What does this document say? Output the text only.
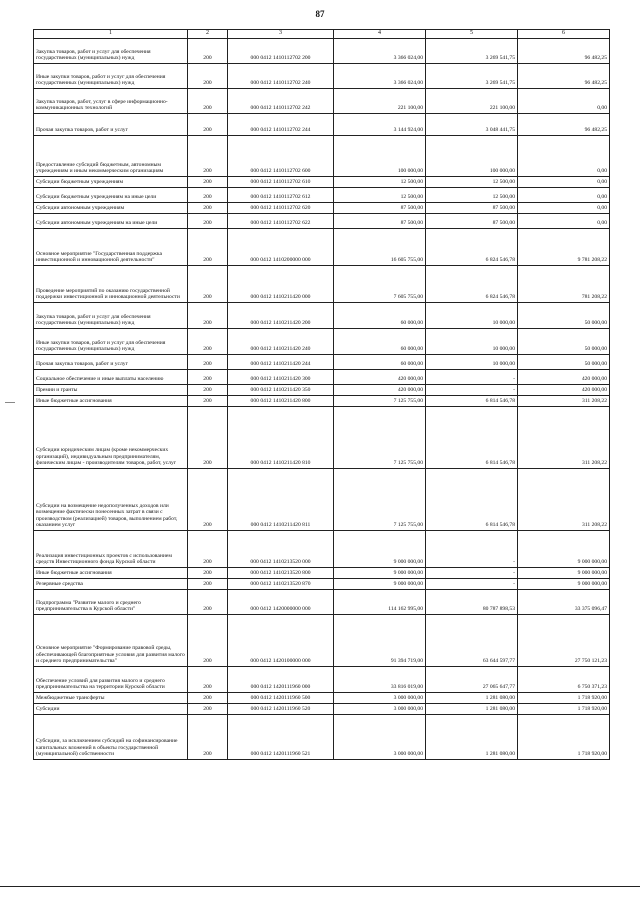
87
1	2	3	4	5	6
Закупка товаров, работ и услуг для обеспечения государственных (муниципальных) нужд	200	000 0412 1410112702 200	3 366 024,00	3 269 541,75	96 482,25
Иные закупки товаров, работ и услуг для обеспечения государственных (муниципальных) нужд	200	000 0412 1410112702 240	3 366 024,00	3 269 541,75	96 482,25
Закупка товаров, работ, услуг в сфере информационно-коммуникационных технологий	200	000 0412 1410112702 242	221 100,00	221 100,00	0,00
Прочая закупка товаров, работ и услуг	200	000 0412 1410112702 244	3 144 924,00	3 048 441,75	96 482,25
Предоставление субсидий бюджетным, автономным учреждениям и иным некоммерческим организациям	200	000 0412 1410112702 600	100 000,00	100 000,00	0,00
Субсидии бюджетным учреждениям	200	000 0412 1410112702 610	12 500,00	12 500,00	0,00
Субсидии бюджетным учреждениям на иные цели	200	000 0412 1410112702 612	12 500,00	12 500,00	0,00
Субсидии автономным учреждениям	200	000 0412 1410112702 620	87 500,00	87 500,00	0,00
Субсидии автономным учреждениям на иные цели	200	000 0412 1410112702 622	87 500,00	87 500,00	0,00
Основное мероприятие "Государственная поддержка инвестиционной и инновационной деятельности"	200	000 0412 1410200000 000	16 605 755,00	6 824 546,78	9 781 208,22
Проведение мероприятий по оказанию государственной поддержки инвестиционной и инновационной деятельности	200	000 0412 1410211420 000	7 605 755,00	6 824 546,78	781 208,22
Закупка товаров, работ и услуг для обеспечения государственных (муниципальных) нужд	200	000 0412 1410211420 200	60 000,00	10 000,00	50 000,00
Иные закупки товаров, работ и услуг для обеспечения государственных (муниципальных) нужд	200	000 0412 1410211420 240	60 000,00	10 000,00	50 000,00
Прочая закупка товаров, работ и услуг	200	000 0412 1410211420 244	60 000,00	10 000,00	50 000,00
Социальное обеспечение и иные выплаты населению	200	000 0412 1410211420 300	420 000,00	-	420 000,00
Премии и гранты	200	000 0412 1410211420 350	420 000,00	-	420 000,00
Иные бюджетные ассигнования	200	000 0412 1410211420 800	7 125 755,00	6 814 546,78	311 208,22
Субсидии юридическим лицам (кроме некоммерческих организаций), индивидуальным предпринимателям, физическим лицам - производителям товаров, работ, услуг	200	000 0412 1410211420 810	7 125 755,00	6 814 546,78	311 208,22
Субсидии на возмещение недополученных доходов или возмещение фактически понесенных затрат в связи с производством (реализацией) товаров, выполнением работ, оказанием услуг	200	000 0412 1410211420 811	7 125 755,00	6 814 546,78	311 208,22
Реализация инвестиционных проектов с использованием средств Инвестиционного фонда Курской области	200	000 0412 1410213520 000	9 000 000,00	-	9 000 000,00
Иные бюджетные ассигнования	200	000 0412 1410213520 800	9 000 000,00	-	9 000 000,00
Резервные средства	200	000 0412 1410213520 870	9 000 000,00	-	9 000 000,00
Подпрограмма "Развитие малого и среднего предпринимательства в Курской области"	200	000 0412 1420000000 000	114 162 995,00	80 787 898,53	33 375 096,47
Основное мероприятие "Формирование правовой среды, обеспечивающей благоприятные условия для развития малого и среднего предпринимательства"	200	000 0412 1420100000 000	91 394 719,00	63 644 597,77	27 750 121,23
Обеспечение условий для развития малого и среднего предпринимательства на территории Курской области	200	000 0412 1420111960 000	33 816 019,00	27 065 647,77	6 750 371,23
Межбюджетные трансферты	200	000 0412 1420111960 500	3 000 000,00	1 281 080,00	1 718 920,00
Субсидии	200	000 0412 1420111960 520	3 000 000,00	1 281 080,00	1 718 920,00
Субсидии, за исключением субсидий на софинансирование капитальных вложений в объекты государственной (муниципальной) собственности	200	000 0412 1420111960 521	3 000 000,00	1 281 080,00	1 718 920,00
